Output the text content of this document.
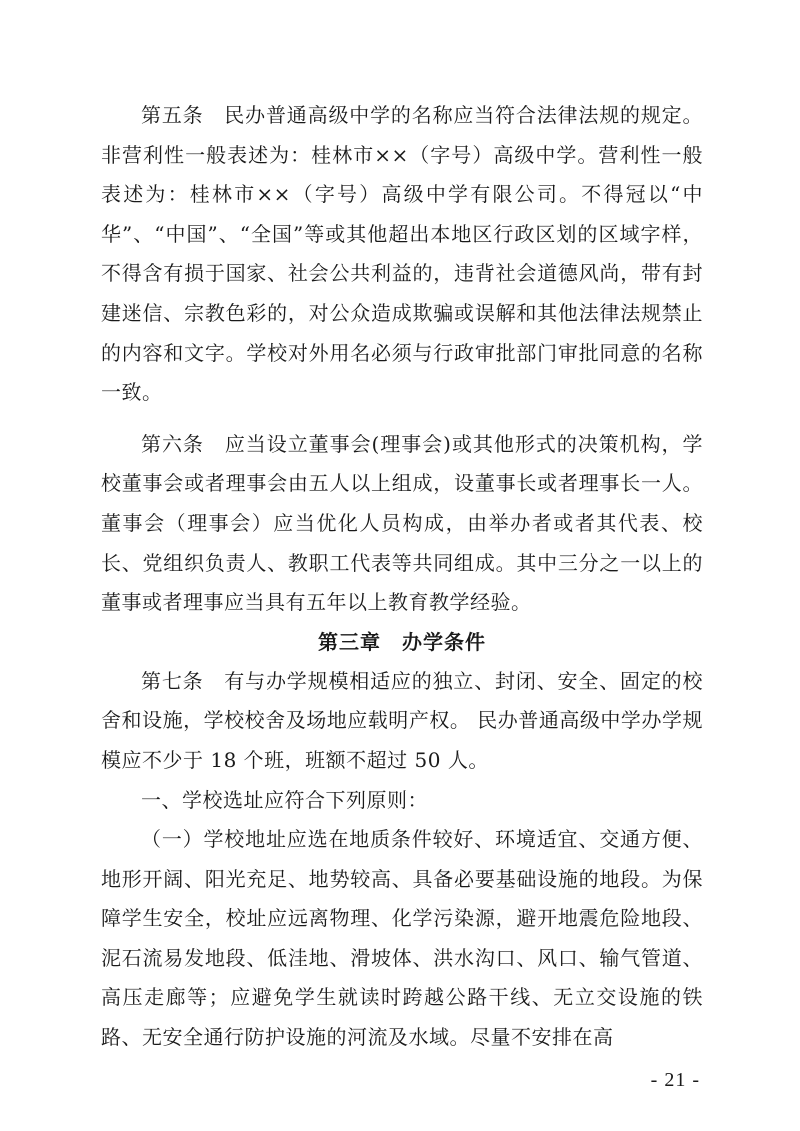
第五条　民办普通高级中学的名称应当符合法律法规的规定。非营利性一般表述为：桂林市××（字号）高级中学。营利性一般表述为：桂林市××（字号）高级中学有限公司。不得冠以“中华”、“中国”、“全国”等或其他超出本地区行政区划的区域字样，不得含有损于国家、社会公共利益的，违背社会道德风尚，带有封建迷信、宗教色彩的，对公众造成欺骗或误解和其他法律法规禁止的内容和文字。学校对外用名必须与行政审批部门审批同意的名称一致。

第六条　应当设立董事会(理事会)或其他形式的决策机构，学校董事会或者理事会由五人以上组成，设董事长或者理事长一人。董事会（理事会）应当优化人员构成，由举办者或者其代表、校长、党组织负责人、教职工代表等共同组成。其中三分之一以上的董事或者理事应当具有五年以上教育教学经验。

第三章　办学条件

第七条　有与办学规模相适应的独立、封闭、安全、固定的校舍和设施，学校校舍及场地应载明产权。 民办普通高级中学办学规模应不少于 18 个班，班额不超过 50 人。

一、学校选址应符合下列原则：

（一）学校地址应选在地质条件较好、环境适宜、交通方便、地形开阔、阳光充足、地势较高、具备必要基础设施的地段。为保障学生安全，校址应远离物理、化学污染源，避开地震危险地段、泥石流易发地段、低洼地、滑坡体、洪水沟口、风口、输气管道、高压走廊等；应避免学生就读时跨越公路干线、无立交设施的铁路、无安全通行防护设施的河流及水域。尽量不安排在高

- 21 -
